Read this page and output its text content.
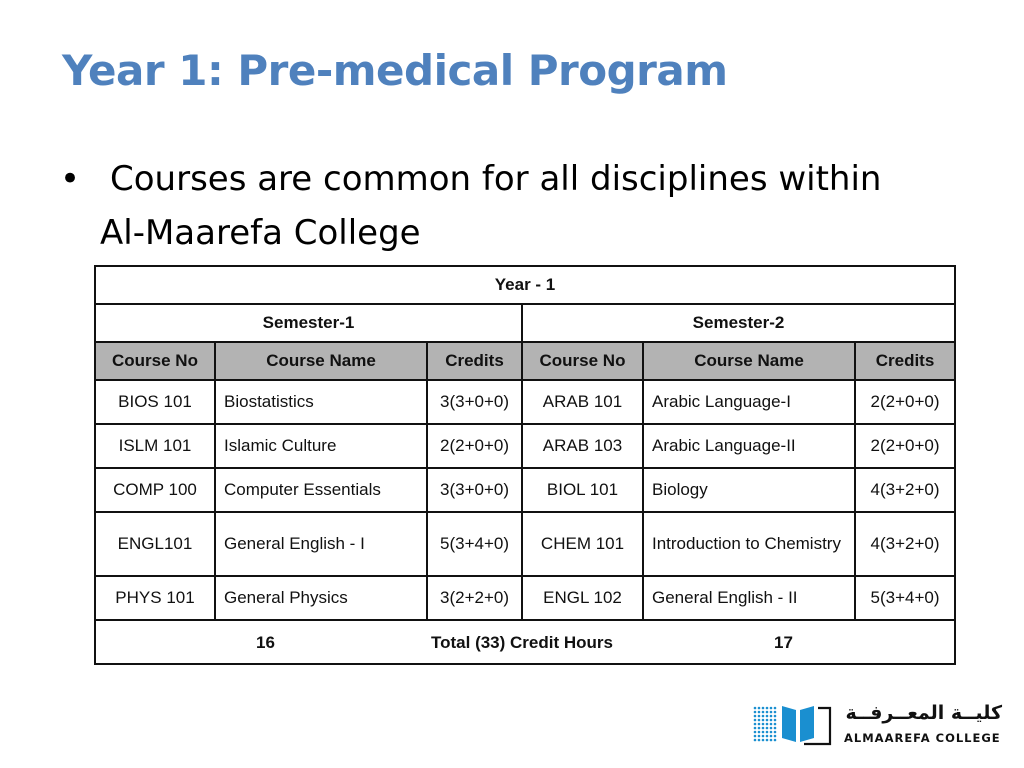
Year 1: Pre-medical Program
• Courses are common for all disciplines within
Al-Maarefa College
Year - 1					
Semester-1			Semester-2		
Course No	Course Name	Credits	Course No	Course Name	Credits
BIOS 101	Biostatistics	3(3+0+0)	ARAB 101	Arabic Language-I	2(2+0+0)
ISLM 101	Islamic Culture	2(2+0+0)	ARAB 103	Arabic Language-II	2(2+0+0)
COMP 100	Computer Essentials	3(3+0+0)	BIOL 101	Biology	4(3+2+0)
ENGL101	General English - I	5(3+4+0)	CHEM 101	Introduction to Chemistry	4(3+2+0)
PHYS 101	General Physics	3(2+2+0)	ENGL 102	General English - II	5(3+4+0)

16 Total (33) Credit Hours 17					
كليــة المعــرفــة
ALMAAREFA COLLEGE
